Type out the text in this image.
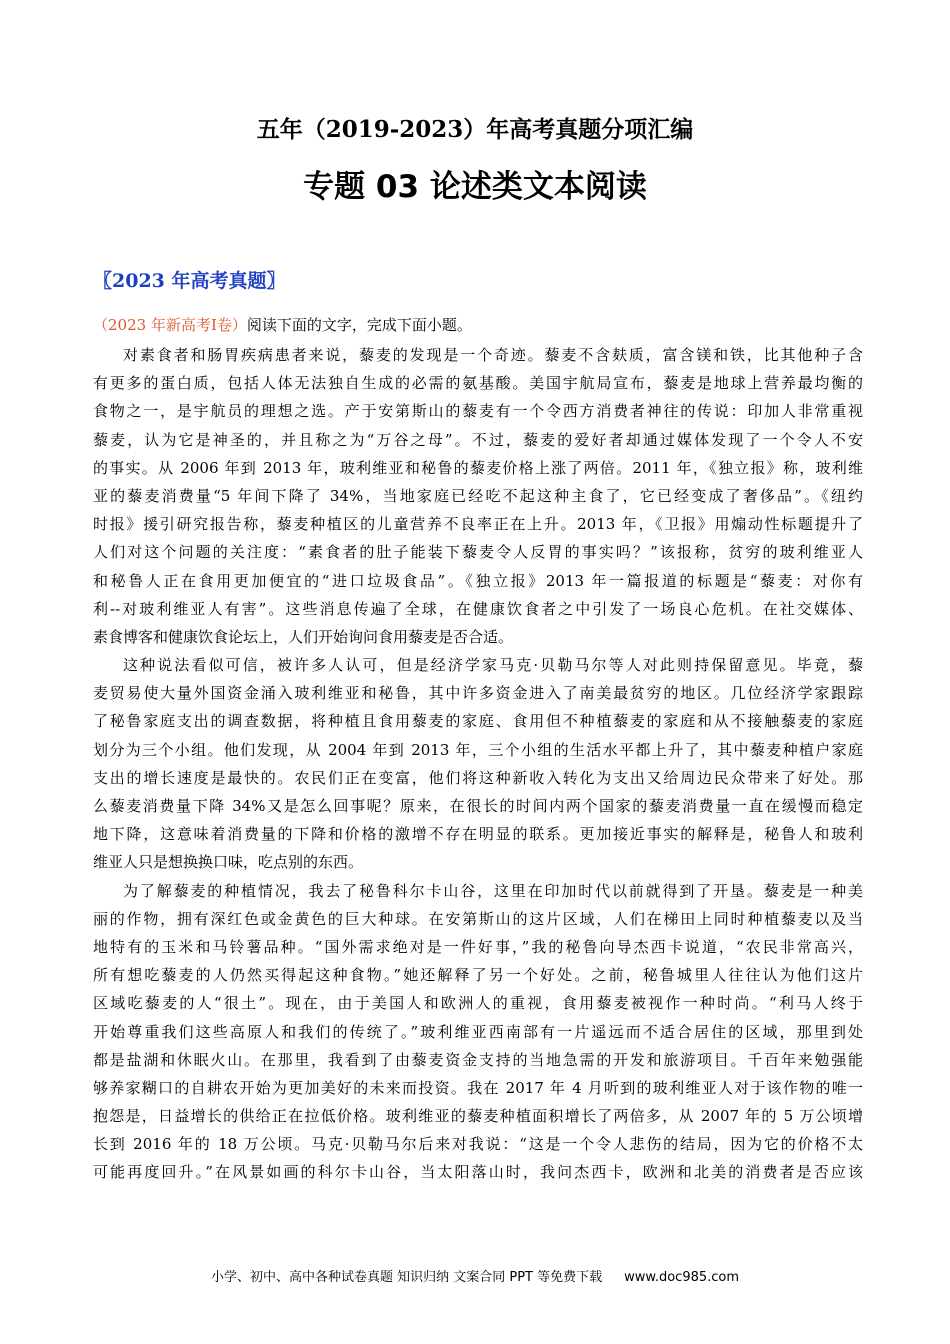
五年（2019-2023）年高考真题分项汇编
专题 03 论述类文本阅读
〖2023 年高考真题〗
（2023 年新高考Ⅰ卷）阅读下面的文字，完成下面小题。
对素食者和肠胃疾病患者来说，藜麦的发现是一个奇迹。藜麦不含麸质，富含镁和铁，比其他种子含
有更多的蛋白质，包括人体无法独自生成的必需的氨基酸。美国宇航局宣布，藜麦是地球上营养最均衡的
食物之一，是宇航员的理想之选。产于安第斯山的藜麦有一个令西方消费者神往的传说：印加人非常重视
藜麦，认为它是神圣的，并且称之为“万谷之母”。不过，藜麦的爱好者却通过媒体发现了一个令人不安
的事实。从 2006 年到 2013 年，玻利维亚和秘鲁的藜麦价格上涨了两倍。2011 年，《独立报》称，玻利维
亚的藜麦消费量“5 年间下降了 34%，当地家庭已经吃不起这种主食了，它已经变成了奢侈品”。《纽约
时报》援引研究报告称，藜麦种植区的儿童营养不良率正在上升。2013 年，《卫报》用煽动性标题提升了
人们对这个问题的关注度：“素食者的肚子能装下藜麦令人反胃的事实吗？”该报称，贫穷的玻利维亚人
和秘鲁人正在食用更加便宜的“进口垃圾食品”。《独立报》2013 年一篇报道的标题是“藜麦：对你有
利--对玻利维亚人有害”。这些消息传遍了全球，在健康饮食者之中引发了一场良心危机。在社交媒体、
素食博客和健康饮食论坛上，人们开始询问食用藜麦是否合适。
这种说法看似可信，被许多人认可，但是经济学家马克·贝勒马尔等人对此则持保留意见。毕竟，藜
麦贸易使大量外国资金涌入玻利维亚和秘鲁，其中许多资金进入了南美最贫穷的地区。几位经济学家跟踪
了秘鲁家庭支出的调查数据，将种植且食用藜麦的家庭、食用但不种植藜麦的家庭和从不接触藜麦的家庭
划分为三个小组。他们发现，从 2004 年到 2013 年，三个小组的生活水平都上升了，其中藜麦种植户家庭
支出的增长速度是最快的。农民们正在变富，他们将这种新收入转化为支出又给周边民众带来了好处。那
么藜麦消费量下降 34%又是怎么回事呢？原来，在很长的时间内两个国家的藜麦消费量一直在缓慢而稳定
地下降，这意味着消费量的下降和价格的激增不存在明显的联系。更加接近事实的解释是，秘鲁人和玻利
维亚人只是想换换口味，吃点别的东西。
为了解藜麦的种植情况，我去了秘鲁科尔卡山谷，这里在印加时代以前就得到了开垦。藜麦是一种美
丽的作物，拥有深红色或金黄色的巨大种球。在安第斯山的这片区域，人们在梯田上同时种植藜麦以及当
地特有的玉米和马铃薯品种。“国外需求绝对是一件好事，”我的秘鲁向导杰西卡说道，“农民非常高兴，
所有想吃藜麦的人仍然买得起这种食物。”她还解释了另一个好处。之前，秘鲁城里人往往认为他们这片
区域吃藜麦的人“很土”。现在，由于美国人和欧洲人的重视，食用藜麦被视作一种时尚。“利马人终于
开始尊重我们这些高原人和我们的传统了。”玻利维亚西南部有一片遥远而不适合居住的区域，那里到处
都是盐湖和休眠火山。在那里，我看到了由藜麦资金支持的当地急需的开发和旅游项目。千百年来勉强能
够养家糊口的自耕农开始为更加美好的未来而投资。我在 2017 年 4 月听到的玻利维亚人对于该作物的唯一
抱怨是，日益增长的供给正在拉低价格。玻利维亚的藜麦种植面积增长了两倍多，从 2007 年的 5 万公顷增
长到 2016 年的 18 万公顷。马克·贝勒马尔后来对我说：“这是一个令人悲伤的结局，因为它的价格不太
可能再度回升。”在风景如画的科尔卡山谷，当太阳落山时，我问杰西卡，欧洲和北美的消费者是否应该
小学、初中、高中各种试卷真题 知识归纳 文案合同 PPT 等免费下载 www.doc985.com
